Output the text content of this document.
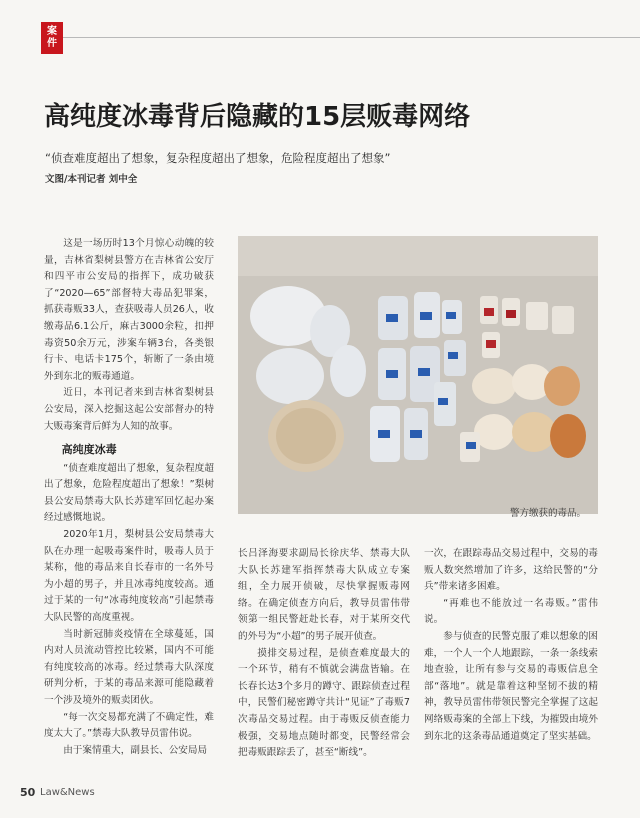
案
件
高纯度冰毒背后隐藏的15层贩毒网络
“侦查难度超出了想象，复杂程度超出了想象，危险程度超出了想象”
文图/本刊记者 刘中全
警方缴获的毒品。

这是一场历时13个月惊心动魄的较量，吉林省梨树县警方在吉林省公安厅和四平市公安局的指挥下，成功破获了“2020—65”部督特大毒品犯罪案，抓获毒贩33人，查获吸毒人员26人，收缴毒品6.1公斤，麻古3000余粒，扣押毒资50余万元，涉案车辆3台，各类银行卡、电话卡175个，斩断了一条由境外到东北的贩毒通道。

近日，本刊记者来到吉林省梨树县公安局，深入挖掘这起公安部督办的特大贩毒案背后鲜为人知的故事。

高纯度冰毒

“侦查难度超出了想象，复杂程度超出了想象，危险程度超出了想象！”梨树县公安局禁毒大队长苏建军回忆起办案经过感慨地说。

2020年1月，梨树县公安局禁毒大队在办理一起吸毒案件时，吸毒人员于某称，他的毒品来自长春市的一名外号为小超的男子，并且冰毒纯度较高。通过于某的一句“冰毒纯度较高”引起禁毒大队民警的高度重视。

当时新冠肺炎疫情在全球蔓延，国内对人员流动管控比较紧，国内不可能有纯度较高的冰毒。经过禁毒大队深度研判分析，于某的毒品来源可能隐藏着一个涉及境外的贩卖团伙。

“每一次交易都充满了不确定性，难度太大了。”禁毒大队教导员雷伟说。

由于案情重大，副县长、公安局局

长吕泽海要求副局长徐庆华、禁毒大队大队长苏建军指挥禁毒大队成立专案组，全力展开侦破，尽快掌握贩毒网络。在确定侦查方向后，教导员雷伟带领第一组民警赶赴长春，对于某所交代的外号为“小超”的男子展开侦查。

摸排交易过程，是侦查难度最大的一个环节，稍有不慎就会满盘皆输。在长春长达3个多月的蹲守、跟踪侦查过程中，民警们秘密蹲守共计“见证”了毒贩7次毒品交易过程。由于毒贩反侦查能力极强，交易地点随时都变，民警经常会把毒贩跟踪丢了，甚至“断线”。

一次，在跟踪毒品交易过程中，交易的毒贩人数突然增加了许多，这给民警的“分兵”带来诸多困难。

“再难也不能放过一名毒贩。”雷伟说。

参与侦查的民警克服了难以想象的困难，一个人一个人地跟踪，一条一条线索地查验，让所有参与交易的毒贩信息全部“落地”。就是靠着这种坚韧不拔的精神，教导员雷伟带领民警完全掌握了这起网络贩毒案的全部上下线，为摧毁由境外到东北的这条毒品通道奠定了坚实基础。

50 Law&News
